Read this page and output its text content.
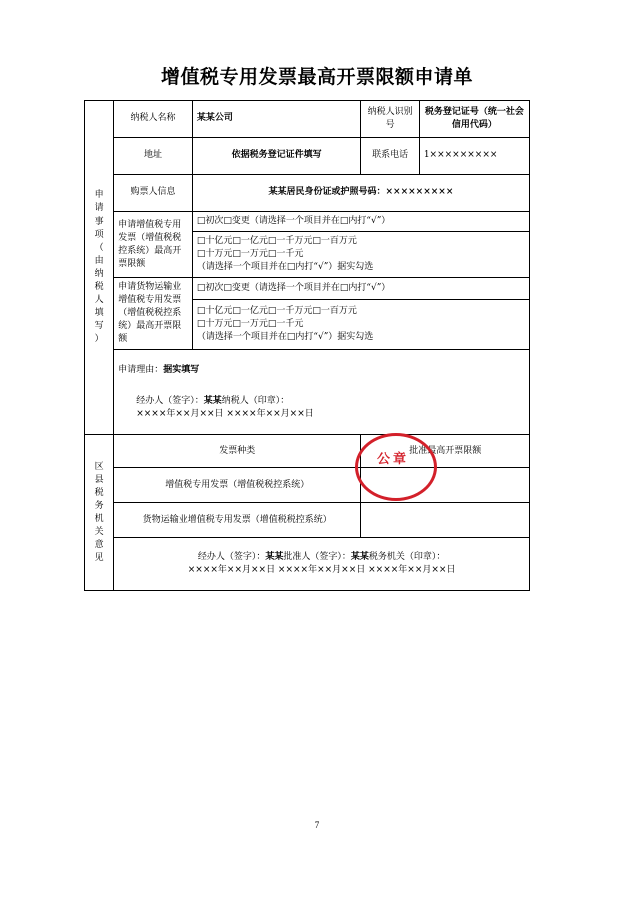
增值税专用发票最高开票限额申请单
申
请
事
项
（
由
纳
税
人
填
写
）
	纳税人名称	某某公司	纳税人识别号	税务登记证号（统一社会信用代码）
	地址	依据税务登记证件填写	联系电话	1×××××××××
	购票人信息	某某居民身份证或护照号码：×××××××××		
	申请增值税专用发票（增值税税控系统）最高开票限额	□初次□变更（请选择一个项目并在□内打“√”）		

		□十亿元□一亿元□一千万元□一百万元
□十万元□一万元□一千元
（请选择一个项目并在□内打“√”）据实勾选		

	申请货物运输业增值税专用发票（增值税税控系统）最高开票限额	□初次□变更（请选择一个项目并在□内打“√”）		

		□十亿元□一亿元□一千万元□一百万元
□十万元□一万元□一千元
（请选择一个项目并在□内打“√”）据实勾选		

	申请理由：据实填写
经办人（签字）：某某纳税人（印章）：
××××年××月××日 ××××年××月××日			

区
县
税
务
机
关
意
见
	发票种类	批准最高开票限额
	增值税专用发票（增值税税控系统）			
	货物运输业增值税专用发票（增值税税控系统）			

	经办人（签字）：某某批准人（签字）：某某税务机关（印章）：
××××年××月××日 ××××年××月××日 ××××年××月××日			
公章
7
